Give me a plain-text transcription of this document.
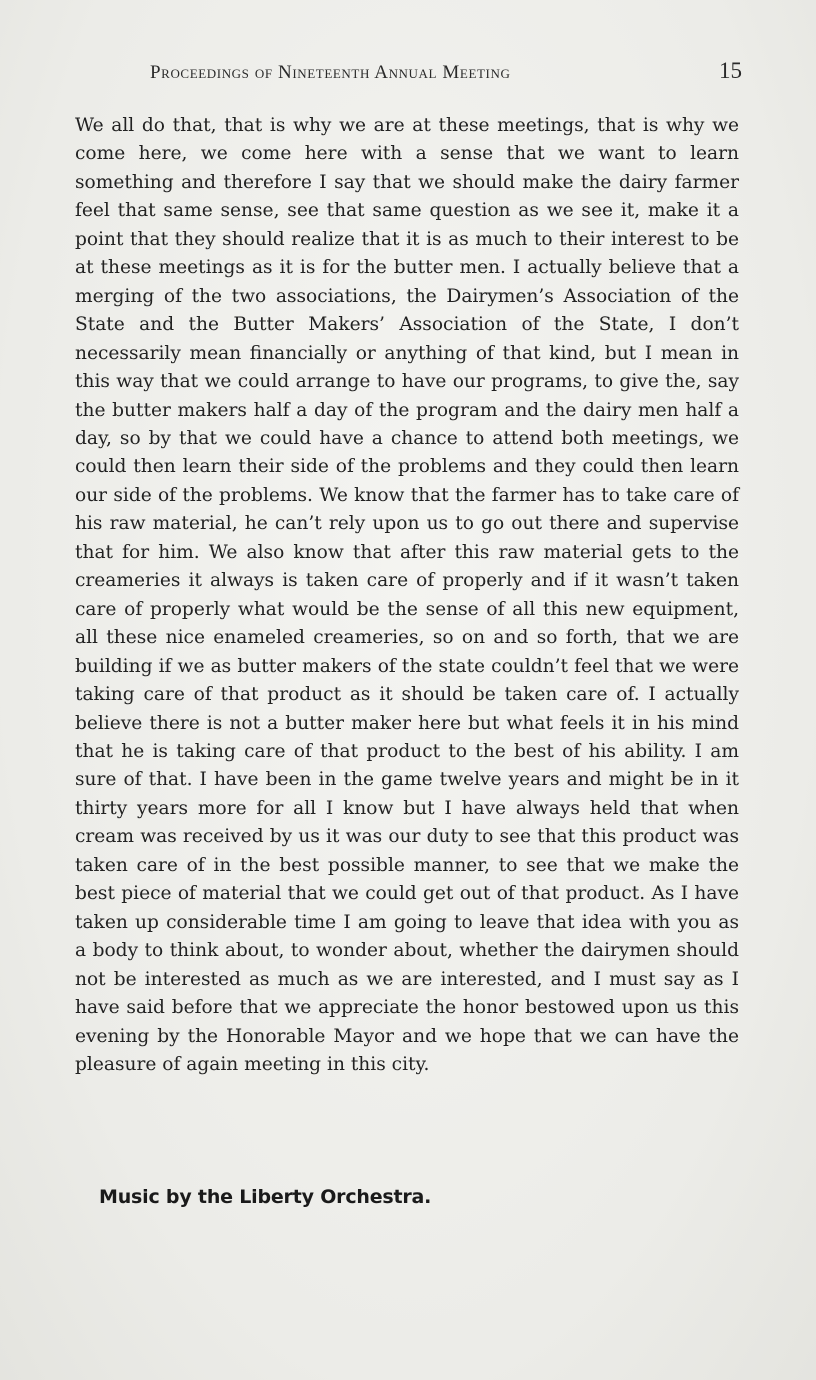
Proceedings of Nineteenth Annual Meeting	15

We all do that, that is why we are at these meetings, that is why we come here, we come here with a sense that we want to learn something and therefore I say that we should make the dairy farmer feel that same sense, see that same question as we see it, make it a point that they should realize that it is as much to their interest to be at these meetings as it is for the butter men. I actually believe that a merging of the two associations, the Dairymen’s Association of the State and the Butter Makers’ Association of the State, I don’t necessarily mean financially or anything of that kind, but I mean in this way that we could arrange to have our programs, to give the, say the butter makers half a day of the program and the dairy men half a day, so by that we could have a chance to attend both meetings, we could then learn their side of the problems and they could then learn our side of the problems. We know that the farmer has to take care of his raw material, he can’t rely upon us to go out there and supervise that for him. We also know that after this raw material gets to the creameries it always is taken care of properly and if it wasn’t taken care of properly what would be the sense of all this new equipment, all these nice enameled creameries, so on and so forth, that we are building if we as butter makers of the state couldn’t feel that we were taking care of that product as it should be taken care of. I actually believe there is not a butter maker here but what feels it in his mind that he is taking care of that product to the best of his ability. I am sure of that. I have been in the game twelve years and might be in it thirty years more for all I know but I have always held that when cream was received by us it was our duty to see that this product was taken care of in the best possible manner, to see that we make the best piece of material that we could get out of that product. As I have taken up considerable time I am going to leave that idea with you as a body to think about, to wonder about, whether the dairymen should not be interested as much as we are interested, and I must say as I have said before that we appreciate the honor bestowed upon us this evening by the Honorable Mayor and we hope that we can have the pleasure of again meeting in this city.

Music by the Liberty Orchestra.
